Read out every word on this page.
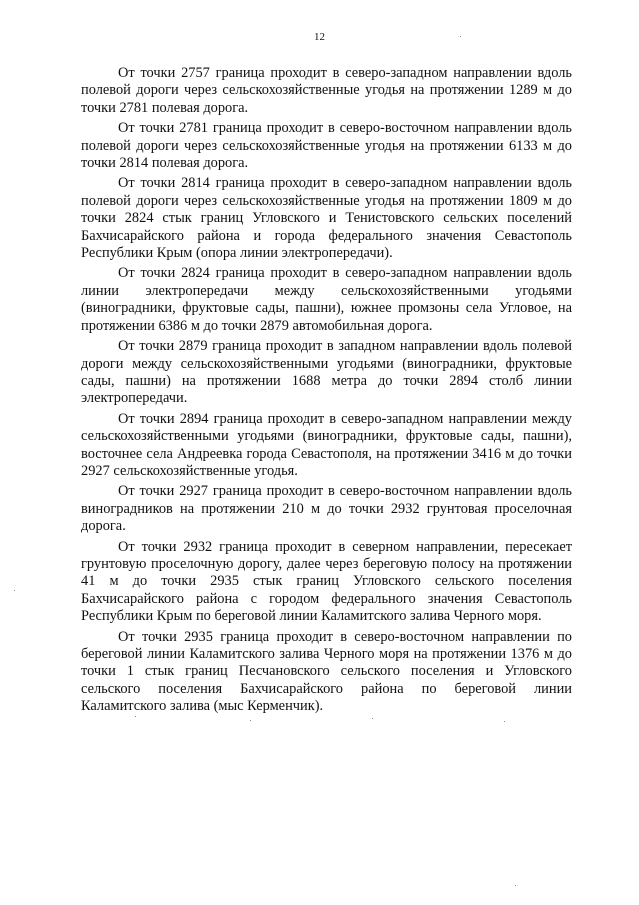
12

От точки 2757 граница проходит в северо-западном направлении вдоль полевой дороги через сельскохозяйственные угодья на протяжении 1289 м до точки 2781 полевая дорога.

От точки 2781 граница проходит в северо-восточном направлении вдоль полевой дороги через сельскохозяйственные угодья на протяжении 6133 м до точки 2814 полевая дорога.

От точки 2814 граница проходит в северо-западном направлении вдоль полевой дороги через сельскохозяйственные угодья на протяжении 1809 м до точки 2824 стык границ Угловского и Тенистовского сельских поселений Бахчисарайского района и города федерального значения Севастополь Республики Крым (опора линии электропередачи).

От точки 2824 граница проходит в северо-западном направлении вдоль линии электропередачи между сельскохозяйственными угодьями (виноградники, фруктовые сады, пашни), южнее промзоны села Угловое, на протяжении 6386 м до точки 2879 автомобильная дорога.

От точки 2879 граница проходит в западном направлении вдоль полевой дороги между сельскохозяйственными угодьями (виноградники, фруктовые сады, пашни) на протяжении 1688 метра до точки 2894 столб линии электропередачи.

От точки 2894 граница проходит в северо-западном направлении между сельскохозяйственными угодьями (виноградники, фруктовые сады, пашни), восточнее села Андреевка города Севастополя, на протяжении 3416 м до точки 2927 сельскохозяйственные угодья.

От точки 2927 граница проходит в северо-восточном направлении вдоль виноградников на протяжении 210 м до точки 2932 грунтовая проселочная дорога.

От точки 2932 граница проходит в северном направлении, пересекает грунтовую проселочную дорогу, далее через береговую полосу на протяжении 41 м до точки 2935 стык границ Угловского сельского поселения Бахчисарайского района с городом федерального значения Севастополь Республики Крым по береговой линии Каламитского залива Черного моря.

От точки 2935 граница проходит в северо-восточном направлении по береговой линии Каламитского залива Черного моря на протяжении 1376 м до точки 1 стык границ Песчановского сельского поселения и Угловского сельского поселения Бахчисарайского района по береговой линии Каламитского залива (мыс Керменчик).
